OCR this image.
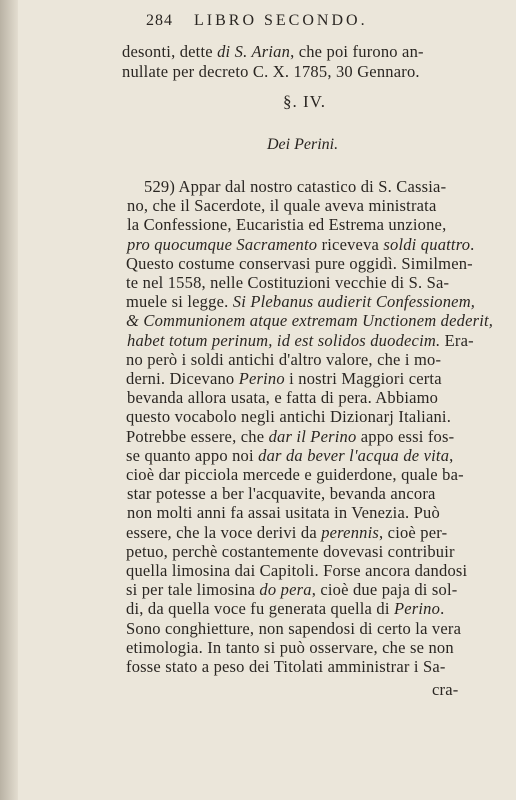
284 LIBRO SECONDO.
desonti, dette di S. Arian, che poi furono an-
nullate per decreto C. X. 1785, 30 Gennaro.
§. IV.
Dei Perini.
529) Appar dal nostro catastico di S. Cassia-
no, che il Sacerdote, il quale aveva ministrata
la Confessione, Eucaristia ed Estrema unzione,
pro quocumque Sacramento riceveva soldi quattro.
Questo costume conservasi pure oggidì. Similmen-
te nel 1558, nelle Costituzioni vecchie di S. Sa-
muele si legge. Si Plebanus audierit Confessionem,
& Communionem atque extremam Unctionem dederit,
habet totum perinum, id est solidos duodecim. Era-
no però i soldi antichi d'altro valore, che i mo-
derni. Dicevano Perino i nostri Maggiori certa
bevanda allora usata, e fatta di pera. Abbiamo
questo vocabolo negli antichi Dizionarj Italiani.
Potrebbe essere, che dar il Perino appo essi fos-
se quanto appo noi dar da bever l'acqua de vita,
cioè dar picciola mercede e guiderdone, quale ba-
star potesse a ber l'acquavite, bevanda ancora
non molti anni fa assai usitata in Venezia. Può
essere, che la voce derivi da perennis, cioè per-
petuo, perchè costantemente dovevasi contribuir
quella limosina dai Capitoli. Forse ancora dandosi
si per tale limosina do pera, cioè due paja di sol-
di, da quella voce fu generata quella di Perino.
Sono conghietture, non sapendosi di certo la vera
etimologia. In tanto si può osservare, che se non
fosse stato a peso dei Titolati amministrar i Sa-
cra-
